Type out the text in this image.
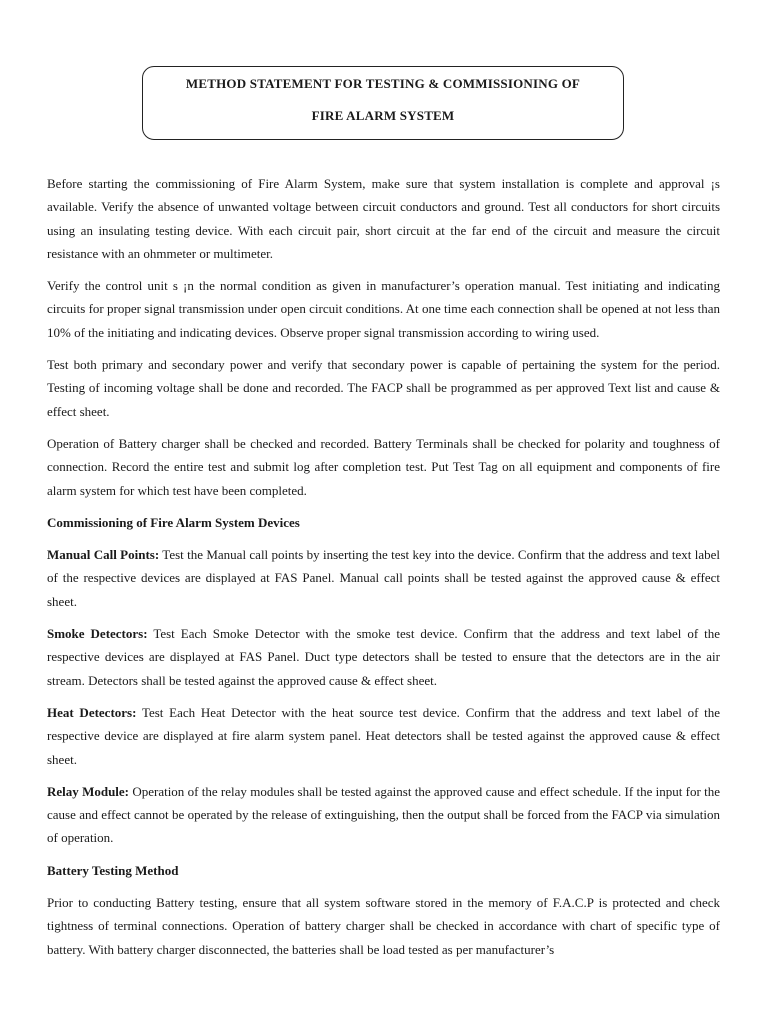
METHOD STATEMENT FOR TESTING & COMMISSIONING OF

FIRE ALARM SYSTEM

Before starting the commissioning of Fire Alarm System, make sure that system installation is complete and approval ¡s available. Verify the absence of unwanted voltage between circuit conductors and ground. Test all conductors for short circuits using an insulating testing device. With each circuit pair, short circuit at the far end of the circuit and measure the circuit resistance with an ohmmeter or multimeter.

Verify the control unit s ¡n the normal condition as given in manufacturer’s operation manual. Test initiating and indicating circuits for proper signal transmission under open circuit conditions. At one time each connection shall be opened at not less than 10% of the initiating and indicating devices. Observe proper signal transmission according to wiring used.

Test both primary and secondary power and verify that secondary power is capable of pertaining the system for the period. Testing of incoming voltage shall be done and recorded. The FACP shall be programmed as per approved Text list and cause & effect sheet.

Operation of Battery charger shall be checked and recorded. Battery Terminals shall be checked for polarity and toughness of connection. Record the entire test and submit log after completion test. Put Test Tag on all equipment and components of fire alarm system for which test have been completed.

Commissioning of Fire Alarm System Devices

Manual Call Points: Test the Manual call points by inserting the test key into the device. Confirm that the address and text label of the respective devices are displayed at FAS Panel. Manual call points shall be tested against the approved cause & effect sheet.

Smoke Detectors: Test Each Smoke Detector with the smoke test device. Confirm that the address and text label of the respective devices are displayed at FAS Panel. Duct type detectors shall be tested to ensure that the detectors are in the air stream. Detectors shall be tested against the approved cause & effect sheet.

Heat Detectors: Test Each Heat Detector with the heat source test device. Confirm that the address and text label of the respective device are displayed at fire alarm system panel. Heat detectors shall be tested against the approved cause & effect sheet.

Relay Module: Operation of the relay modules shall be tested against the approved cause and effect schedule. If the input for the cause and effect cannot be operated by the release of extinguishing, then the output shall be forced from the FACP via simulation of operation.

Battery Testing Method

Prior to conducting Battery testing, ensure that all system software stored in the memory of F.A.C.P is protected and check tightness of terminal connections. Operation of battery charger shall be checked in accordance with chart of specific type of battery. With battery charger disconnected, the batteries shall be load tested as per manufacturer’s
